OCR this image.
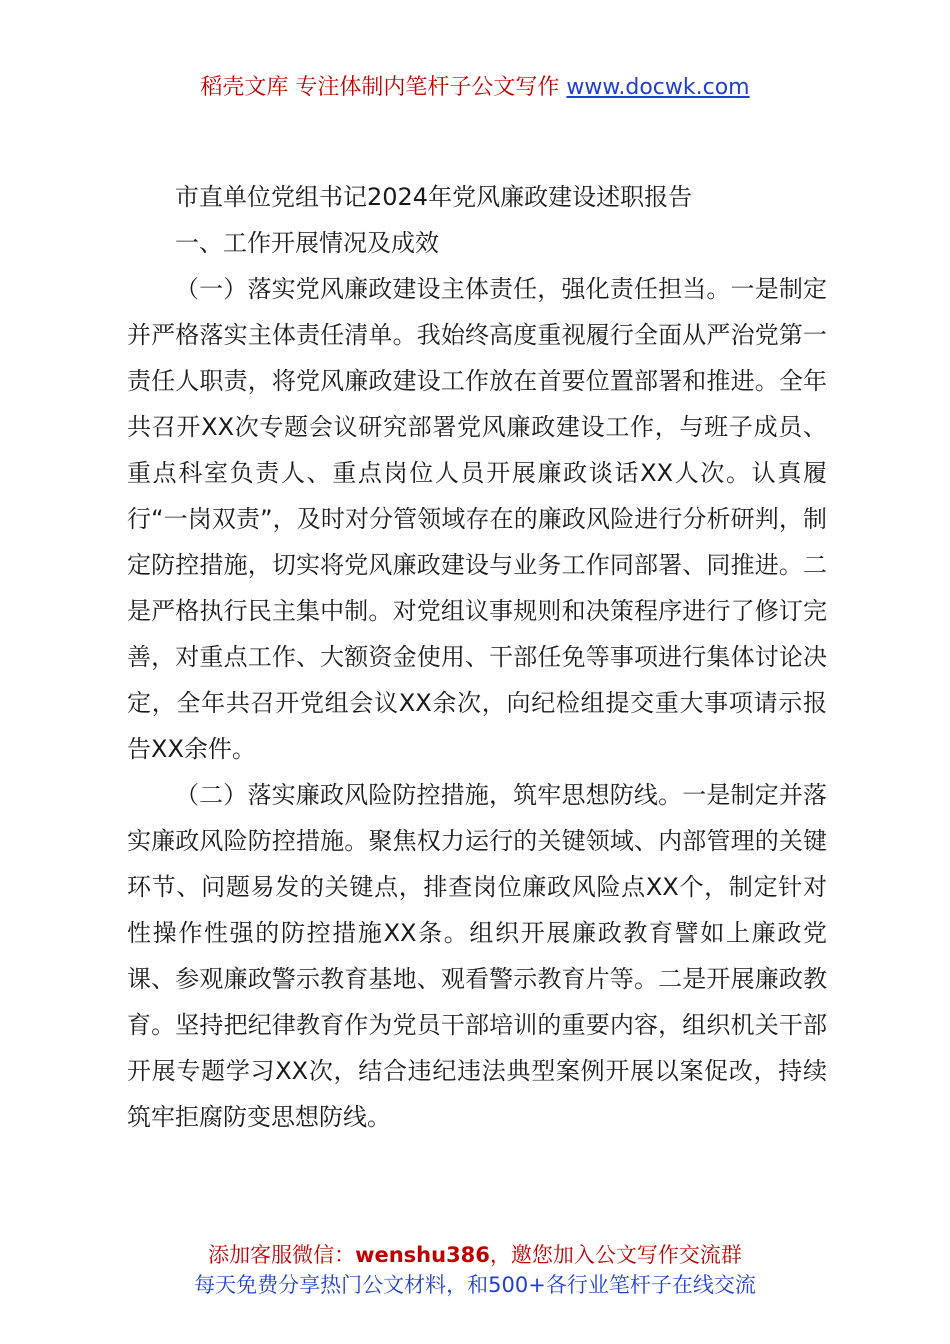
稻壳文库 专注体制内笔杆子公文写作 www.docwk.com

市直单位党组书记2024年党风廉政建设述职报告

一、工作开展情况及成效

（一）落实党风廉政建设主体责任，强化责任担当。一是制定并严格落实主体责任清单。我始终高度重视履行全面从严治党第一责任人职责，将党风廉政建设工作放在首要位置部署和推进。全年共召开XX次专题会议研究部署党风廉政建设工作，与班子成员、重点科室负责人、重点岗位人员开展廉政谈话XX人次。认真履行“一岗双责”，及时对分管领域存在的廉政风险进行分析研判，制定防控措施，切实将党风廉政建设与业务工作同部署、同推进。二是严格执行民主集中制。对党组议事规则和决策程序进行了修订完善，对重点工作、大额资金使用、干部任免等事项进行集体讨论决定，全年共召开党组会议XX余次，向纪检组提交重大事项请示报告XX余件。

（二）落实廉政风险防控措施，筑牢思想防线。一是制定并落实廉政风险防控措施。聚焦权力运行的关键领域、内部管理的关键环节、问题易发的关键点，排查岗位廉政风险点XX个，制定针对性操作性强的防控措施XX条。组织开展廉政教育譬如上廉政党课、参观廉政警示教育基地、观看警示教育片等。二是开展廉政教育。坚持把纪律教育作为党员干部培训的重要内容，组织机关干部开展专题学习XX次，结合违纪违法典型案例开展以案促改，持续筑牢拒腐防变思想防线。

添加客服微信：wenshu386，邀您加入公文写作交流群
每天免费分享热门公文材料，和500+各行业笔杆子在线交流
